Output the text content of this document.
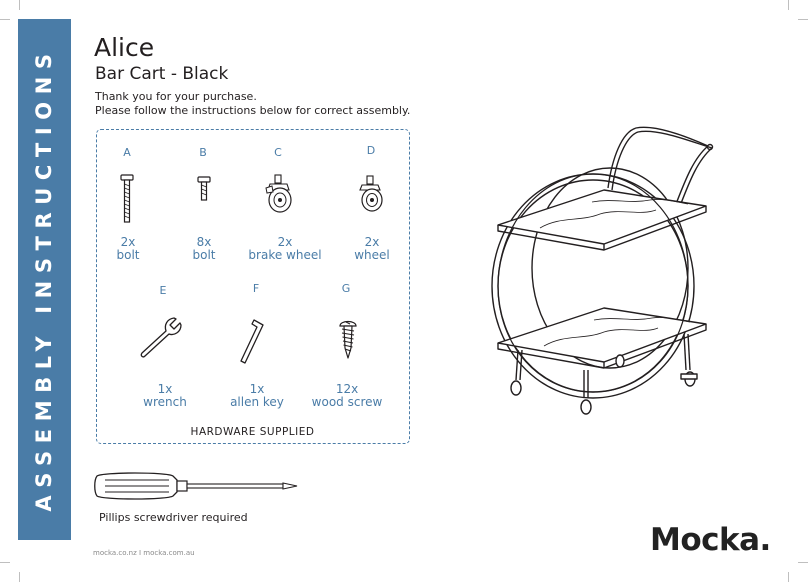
ASSEMBLY INSTRUCTIONS Alice
Bar Cart - Black
Thank you for your purchase.
Please follow the instructions below for correct assembly.
A	B	C	D
E	F	G
2x
bolt
8x
bolt
2x
brake wheel
2x
wheel
1x
wrench
1x
allen key
12x
wood screw
HARDWARE SUPPLIED
Pillips screwdriver required
mocka.co.nz I mocka.com.au	Mocka.
